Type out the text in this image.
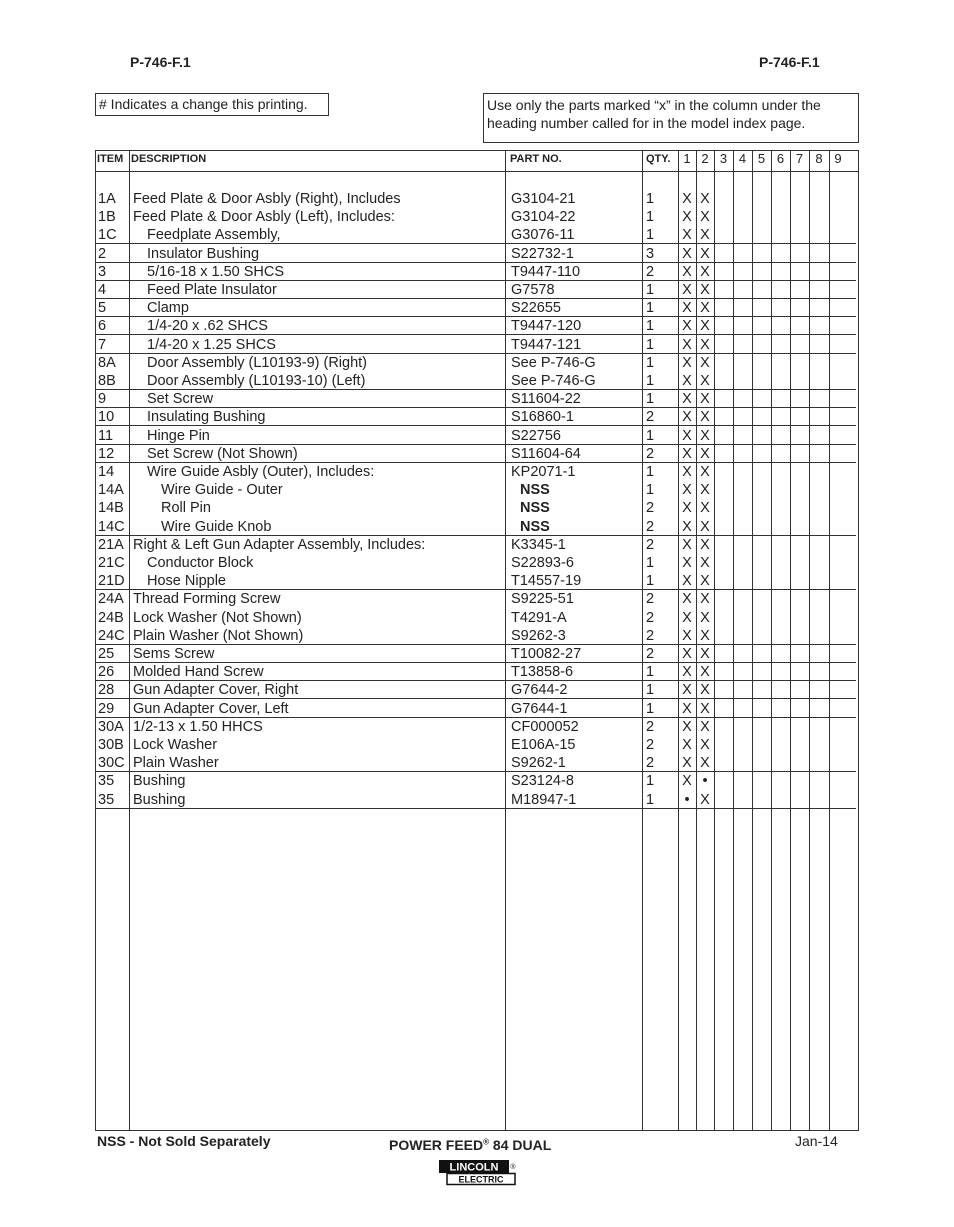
P-746-F.1	P-746-F.1
# Indicates a change this printing.	Use only the parts marked “x” in the column under the heading number called for in the model index page.
ITEM DESCRIPTION	PART NO.	QTY. 1 2 3 4 5 6 7 8 9
1A Feed Plate & Door Asbly (Right), Includes	G3104-21	1 X X
1B Feed Plate & Door Asbly (Left), Includes:	G3104-22	1 X X
1C Feedplate Assembly,	G3076-11	1 X X
2	Insulator Bushing	S22732-1	3 X X
3	5/16-18 x 1.50 SHCS	T9447-110	2 X X
4	Feed Plate Insulator	G7578	1 X X
5	Clamp	S22655	1 X X
6	1/4-20 x .62 SHCS	T9447-120	1 X X
7	1/4-20 x 1.25 SHCS	T9447-121	1 X X
8A Door Assembly (L10193-9) (Right)	See P-746-G	1 X X
8B Door Assembly (L10193-10) (Left)	See P-746-G	1 X X
9	Set Screw	S11604-22	1 X X
10 Insulating Bushing	S16860-1	2 X X
11 Hinge Pin	S22756	1 X X
12 Set Screw (Not Shown)	S11604-64	2 X X
14 Wire Guide Asbly (Outer), Includes:	KP2071-1	1 X X
14A	Wire Guide - Outer	NSS	1 X X
14B	Roll Pin	NSS	2 X X
14C	Wire Guide Knob	NSS	2 X X
21A Right & Left Gun Adapter Assembly, Includes:	K3345-1	2 X X
21C Conductor Block	S22893-6	1 X X
21D Hose Nipple	T14557-19	1 X X
24A Thread Forming Screw	S9225-51	2 X X
24B Lock Washer (Not Shown)	T4291-A	2 X X
24C Plain Washer (Not Shown)	S9262-3	2 X X
25 Sems Screw	T10082-27	2 X X
26 Molded Hand Screw	T13858-6	1 X X
28 Gun Adapter Cover, Right	G7644-2	1 X X
29 Gun Adapter Cover, Left	G7644-1	1 X X
30A 1/2-13 x 1.50 HHCS	CF000052	2 X X
30B Lock Washer	E106A-15	2 X X
30C Plain Washer	S9262-1	2 X X
35 Bushing	S23124-8	1 X •
35 Bushing	M18947-1	1	• X
NSS - Not Sold Separately	POWER FEED® 84 DUAL	Jan-14
LINCOLN
ELECTRIC
®
